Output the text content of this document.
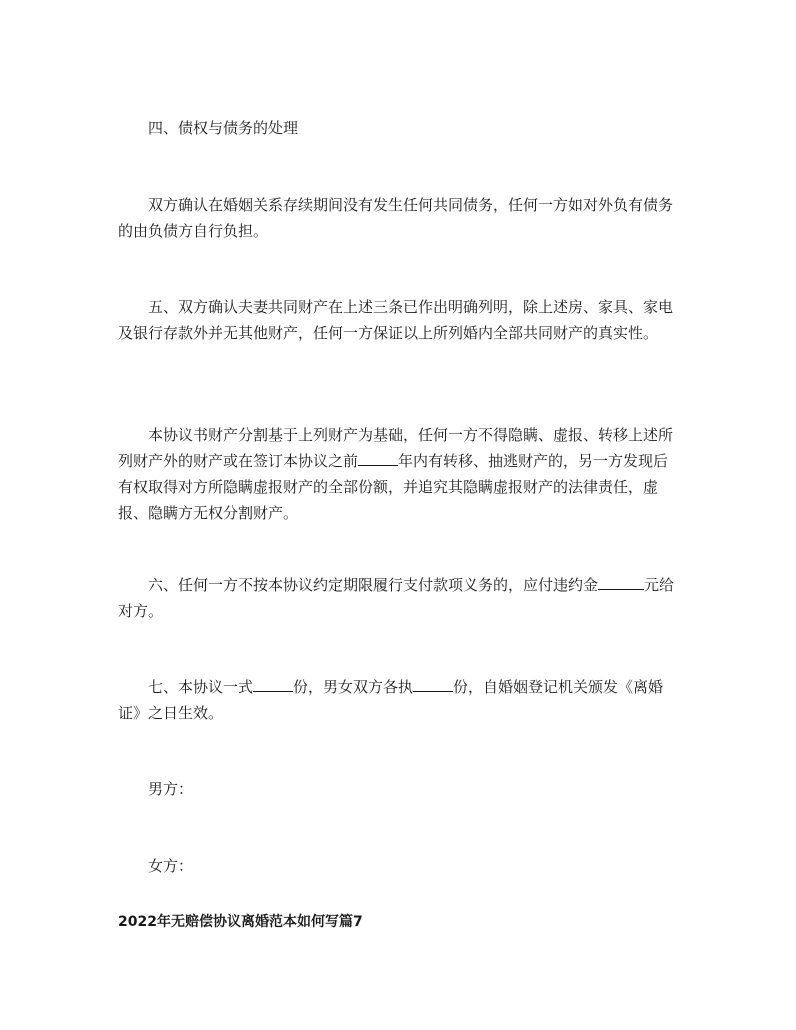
四、债权与债务的处理

双方确认在婚姻关系存续期间没有发生任何共同债务，任何一方如对外负有债务的由负债方自行负担。

五、双方确认夫妻共同财产在上述三条已作出明确列明，除上述房、家具、家电及银行存款外并无其他财产，任何一方保证以上所列婚内全部共同财产的真实性。

本协议书财产分割基于上列财产为基础，任何一方不得隐瞒、虚报、转移上述所列财产外的财产或在签订本协议之前	年内有转移、抽逃财产的，另一方发现后有权取得对方所隐瞒虚报财产的全部份额，并追究其隐瞒虚报财产的法律责任，虚报、隐瞒方无权分割财产。

六、任何一方不按本协议约定期限履行支付款项义务的，应付违约金	元给对方。

七、本协议一式	份，男女双方各执	份，自婚姻登记机关颁发《离婚证》之日生效。

男方：

女方：

2022年无赔偿协议离婚范本如何写篇7
